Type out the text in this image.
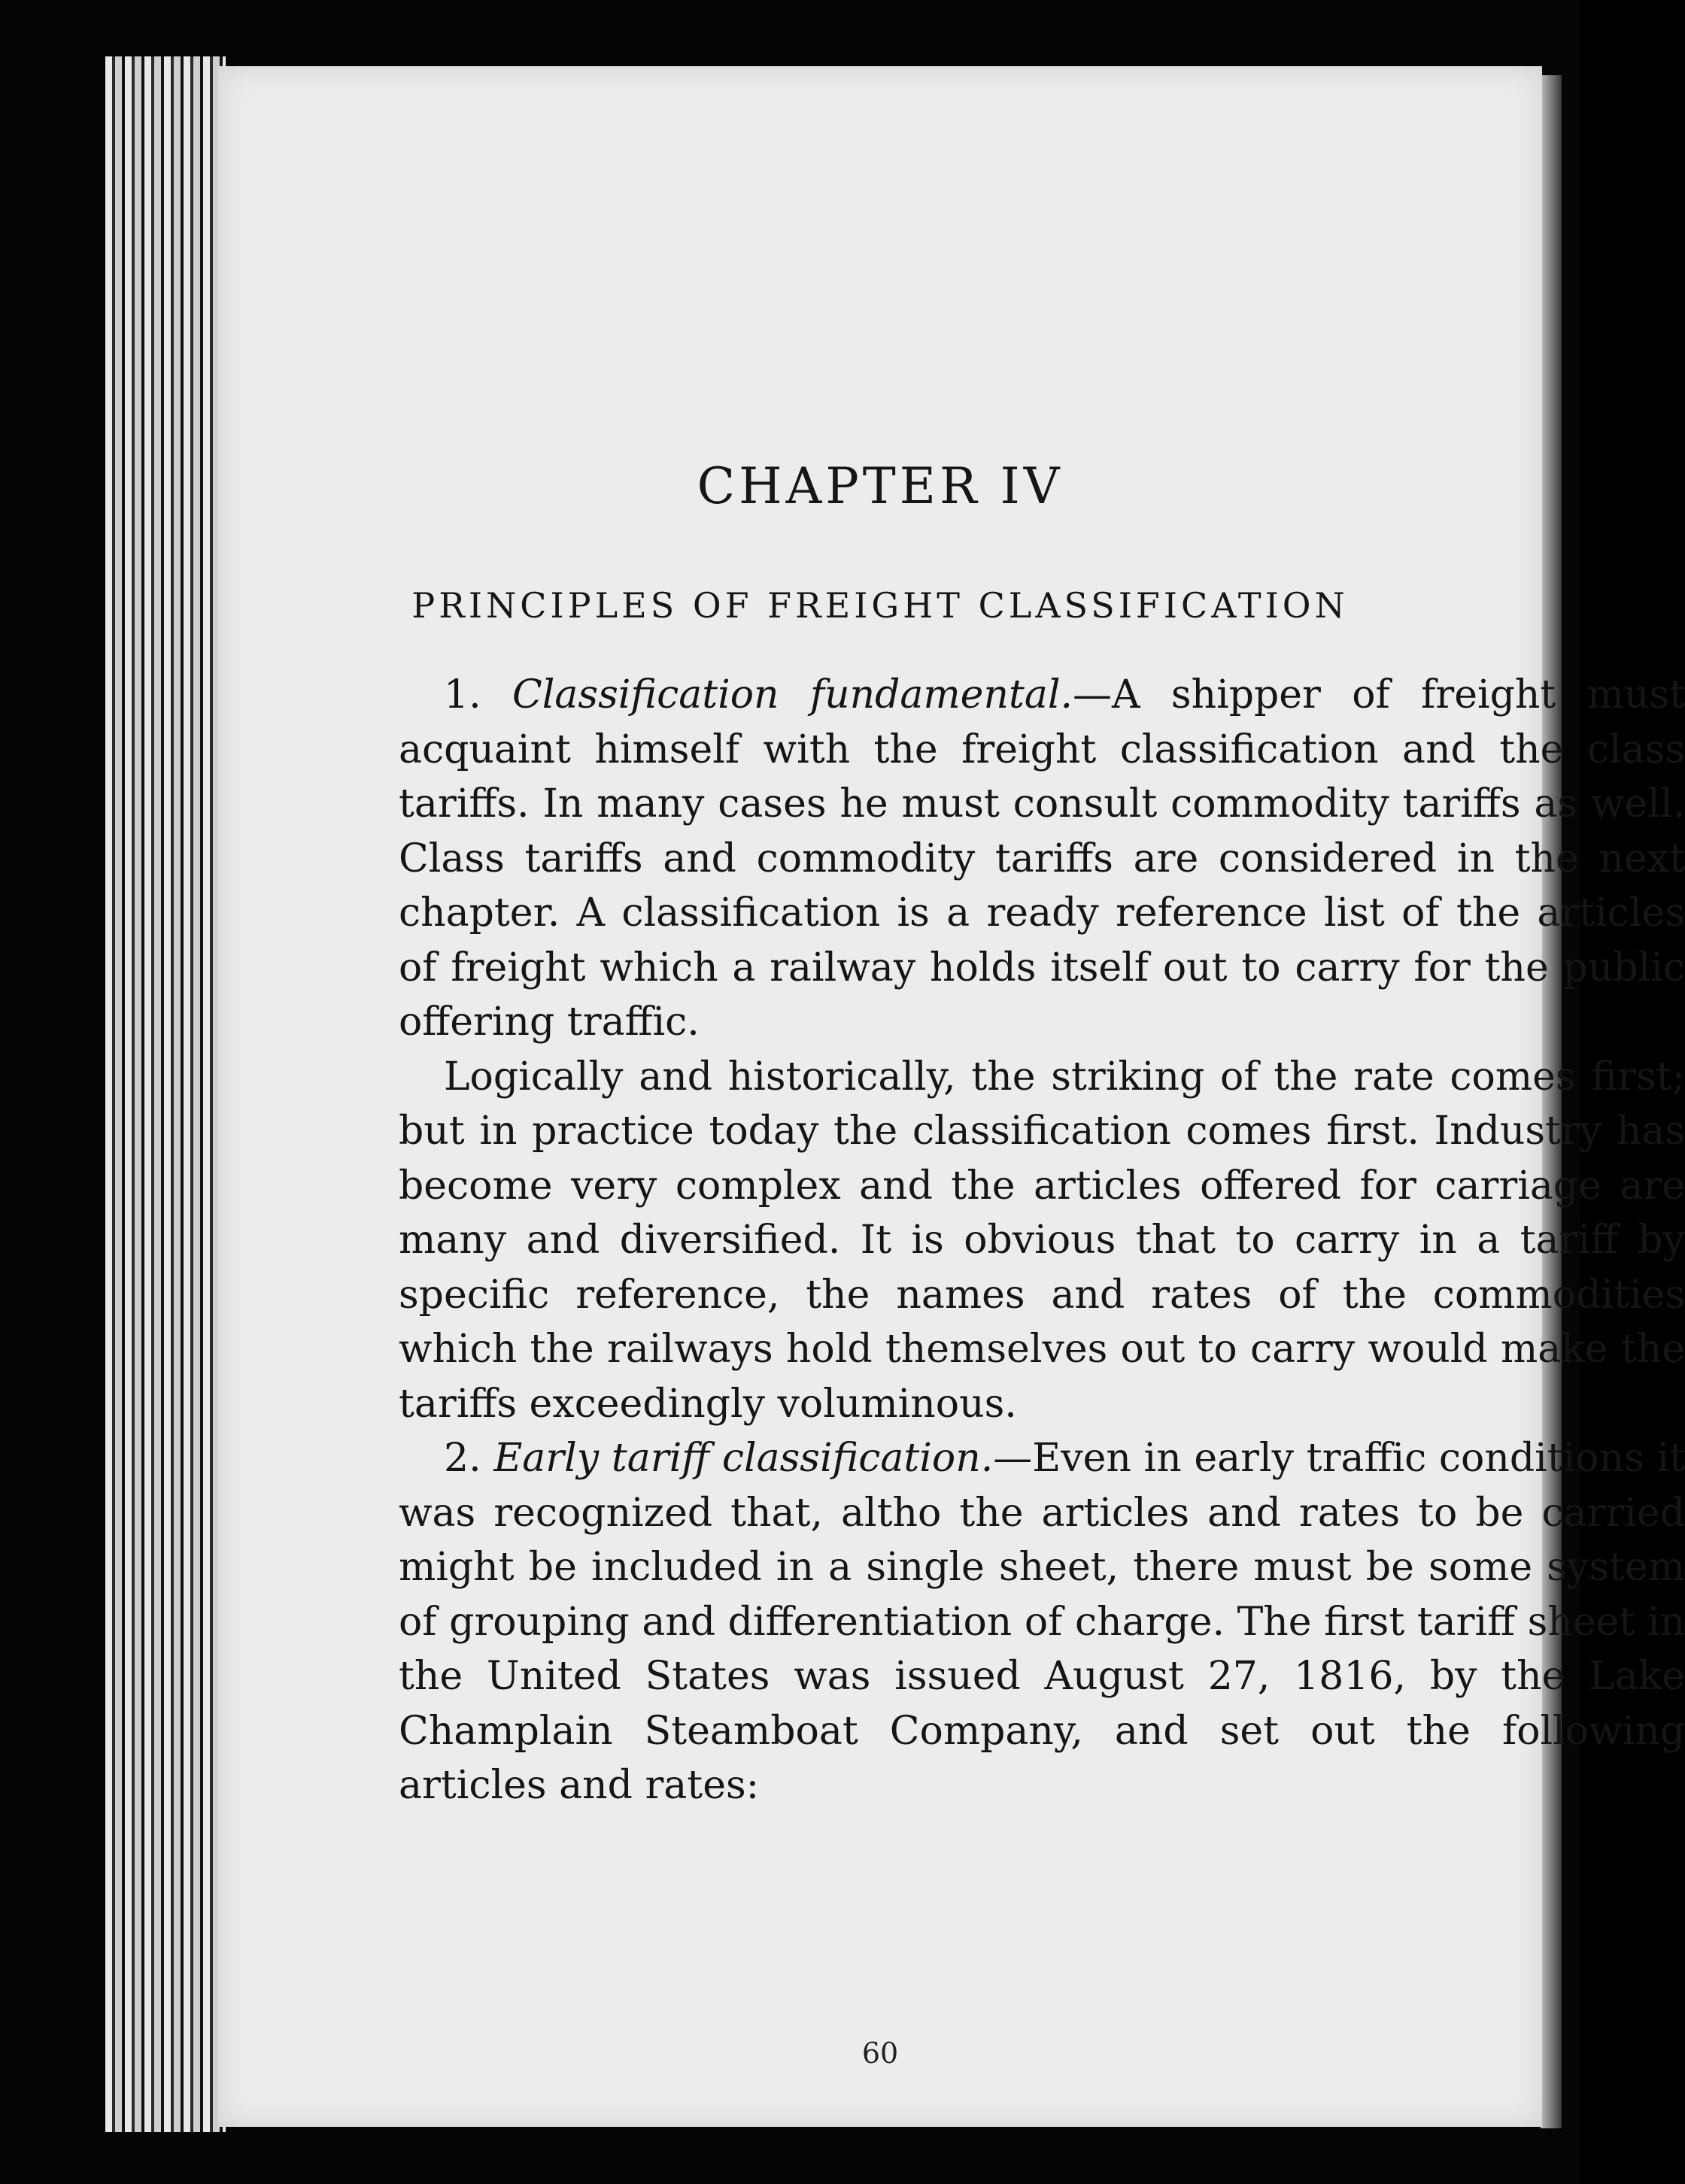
CHAPTER IV
PRINCIPLES OF FREIGHT CLASSIFICATION

1. Classification fundamental.—A shipper of freight must acquaint himself with the freight classification and the class tariffs. In many cases he must consult commodity tariffs as well. Class tariffs and commodity tariffs are considered in the next chapter. A classification is a ready reference list of the articles of freight which a railway holds itself out to carry for the public offering traffic.

Logically and historically, the striking of the rate comes first; but in practice today the classification comes first. Industry has become very complex and the articles offered for carriage are many and diversified. It is obvious that to carry in a tariff by specific reference, the names and rates of the commodities which the railways hold themselves out to carry would make the tariffs exceedingly voluminous.

2. Early tariff classification.—Even in early traffic conditions it was recognized that, altho the articles and rates to be carried might be included in a single sheet, there must be some system of grouping and differentiation of charge. The first tariff sheet in the United States was issued August 27, 1816, by the Lake Champlain Steamboat Company, and set out the following articles and rates:

60
